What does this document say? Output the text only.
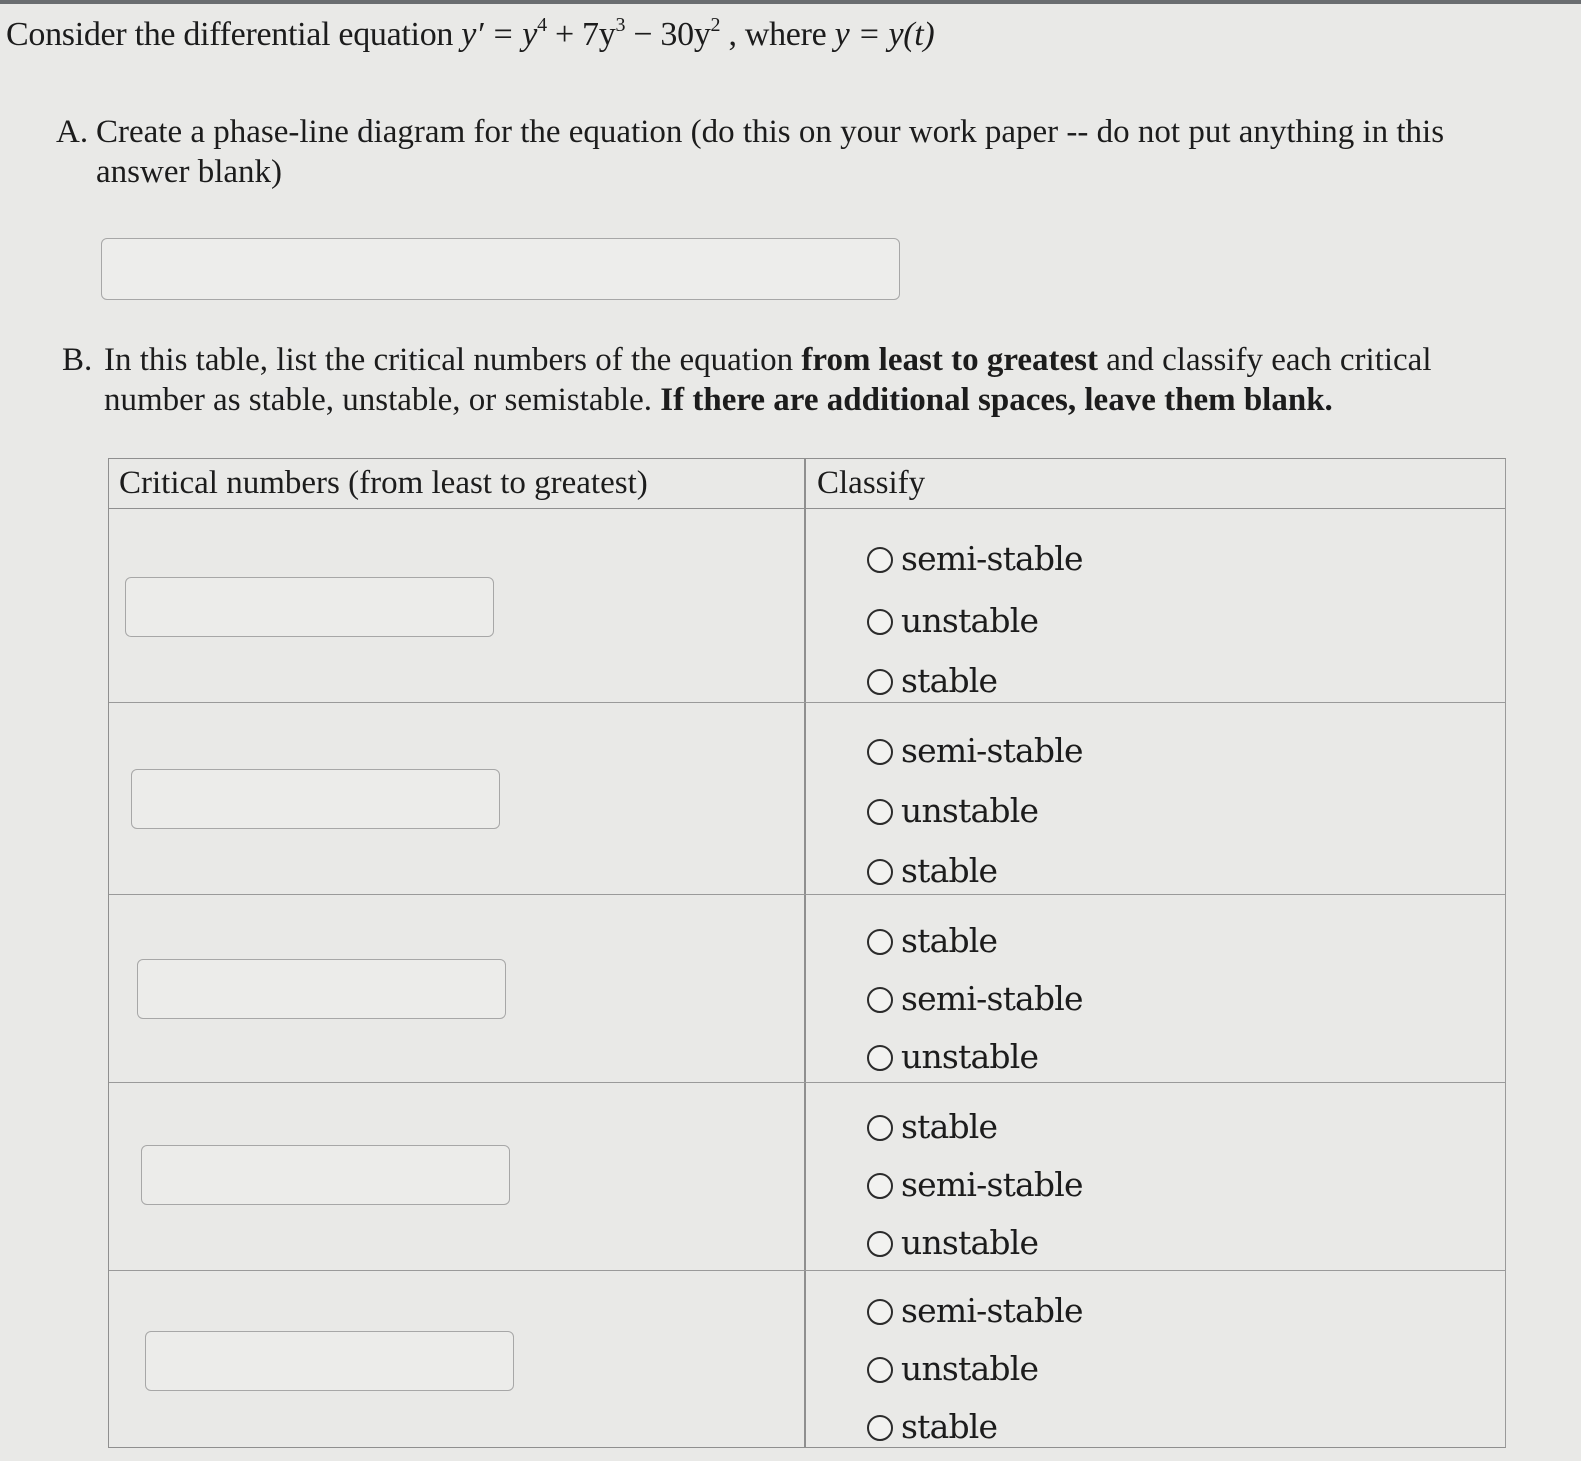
Consider the differential equation $y' = y^4 + 7y^3 - 30y^2$ , where y = y(t)
A. Create a phase-line diagram for the equation (do this on your work paper -- do not put anything in this answer blank)
B. In this table, list the critical numbers of the equation from least to greatest and classify each critical number as stable, unstable, or semistable. If there are additional spaces, leave them blank.
Critical numbers (from least to greatest)	Classify
semi-stable
unstable
stable
semi-stable
unstable
stable
stable
semi-stable
unstable
stable
semi-stable
unstable
semi-stable
unstable
stable
